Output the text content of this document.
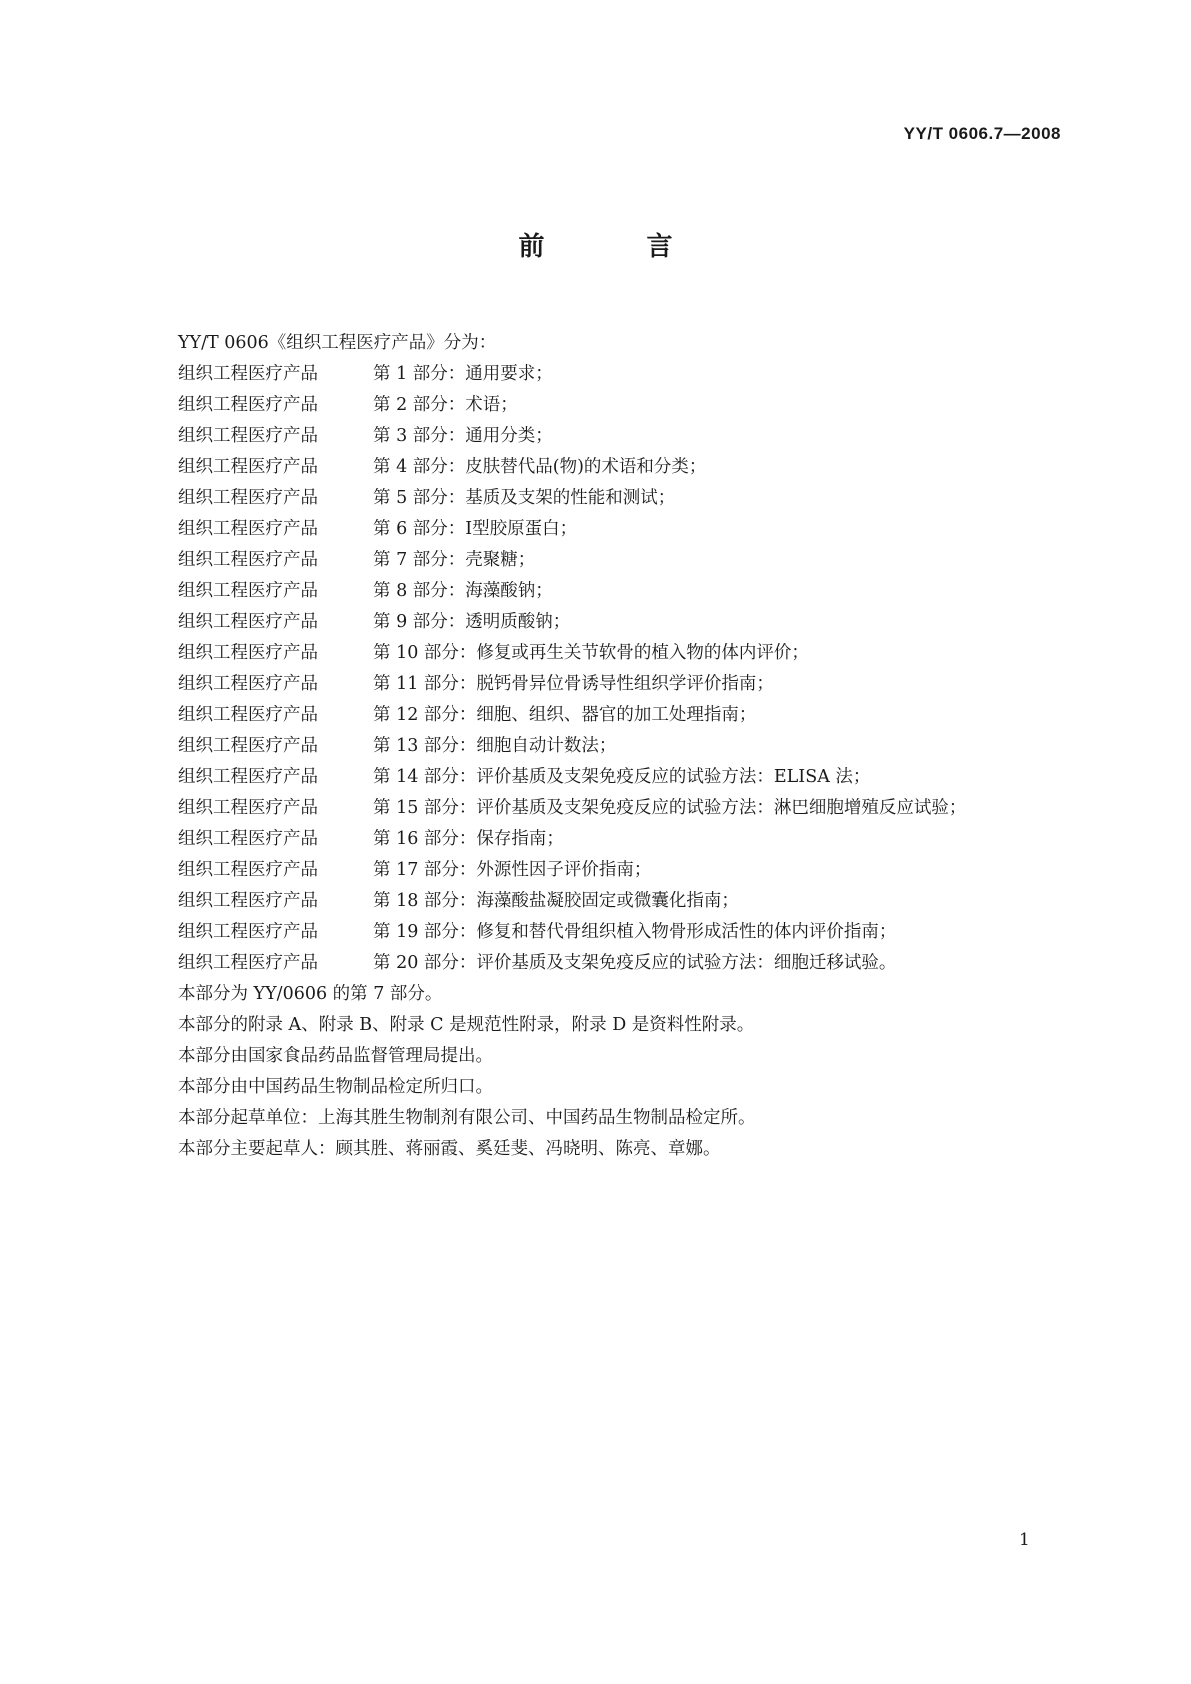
YY/T 0606.7—2008
前　言
YY/T 0606《组织工程医疗产品》分为：
组织工程医疗产品	第 1 部分：通用要求；
组织工程医疗产品	第 2 部分：术语；
组织工程医疗产品	第 3 部分：通用分类；
组织工程医疗产品	第 4 部分：皮肤替代品(物)的术语和分类；
组织工程医疗产品	第 5 部分：基质及支架的性能和测试；
组织工程医疗产品	第 6 部分：Ⅰ型胶原蛋白；
组织工程医疗产品	第 7 部分：壳聚糖；
组织工程医疗产品	第 8 部分：海藻酸钠；
组织工程医疗产品	第 9 部分：透明质酸钠；
组织工程医疗产品	第 10 部分：修复或再生关节软骨的植入物的体内评价；
组织工程医疗产品	第 11 部分：脱钙骨异位骨诱导性组织学评价指南；
组织工程医疗产品	第 12 部分：细胞、组织、器官的加工处理指南；
组织工程医疗产品	第 13 部分：细胞自动计数法；
组织工程医疗产品	第 14 部分：评价基质及支架免疫反应的试验方法：ELISA 法；
组织工程医疗产品	第 15 部分：评价基质及支架免疫反应的试验方法：淋巴细胞增殖反应试验；
组织工程医疗产品	第 16 部分：保存指南；
组织工程医疗产品	第 17 部分：外源性因子评价指南；
组织工程医疗产品	第 18 部分：海藻酸盐凝胶固定或微囊化指南；
组织工程医疗产品	第 19 部分：修复和替代骨组织植入物骨形成活性的体内评价指南；
组织工程医疗产品	第 20 部分：评价基质及支架免疫反应的试验方法：细胞迁移试验。
本部分为 YY/0606 的第 7 部分。
本部分的附录 A、附录 B、附录 C 是规范性附录，附录 D 是资料性附录。
本部分由国家食品药品监督管理局提出。
本部分由中国药品生物制品检定所归口。
本部分起草单位：上海其胜生物制剂有限公司、中国药品生物制品检定所。
本部分主要起草人：顾其胜、蒋丽霞、奚廷斐、冯晓明、陈亮、章娜。
1
